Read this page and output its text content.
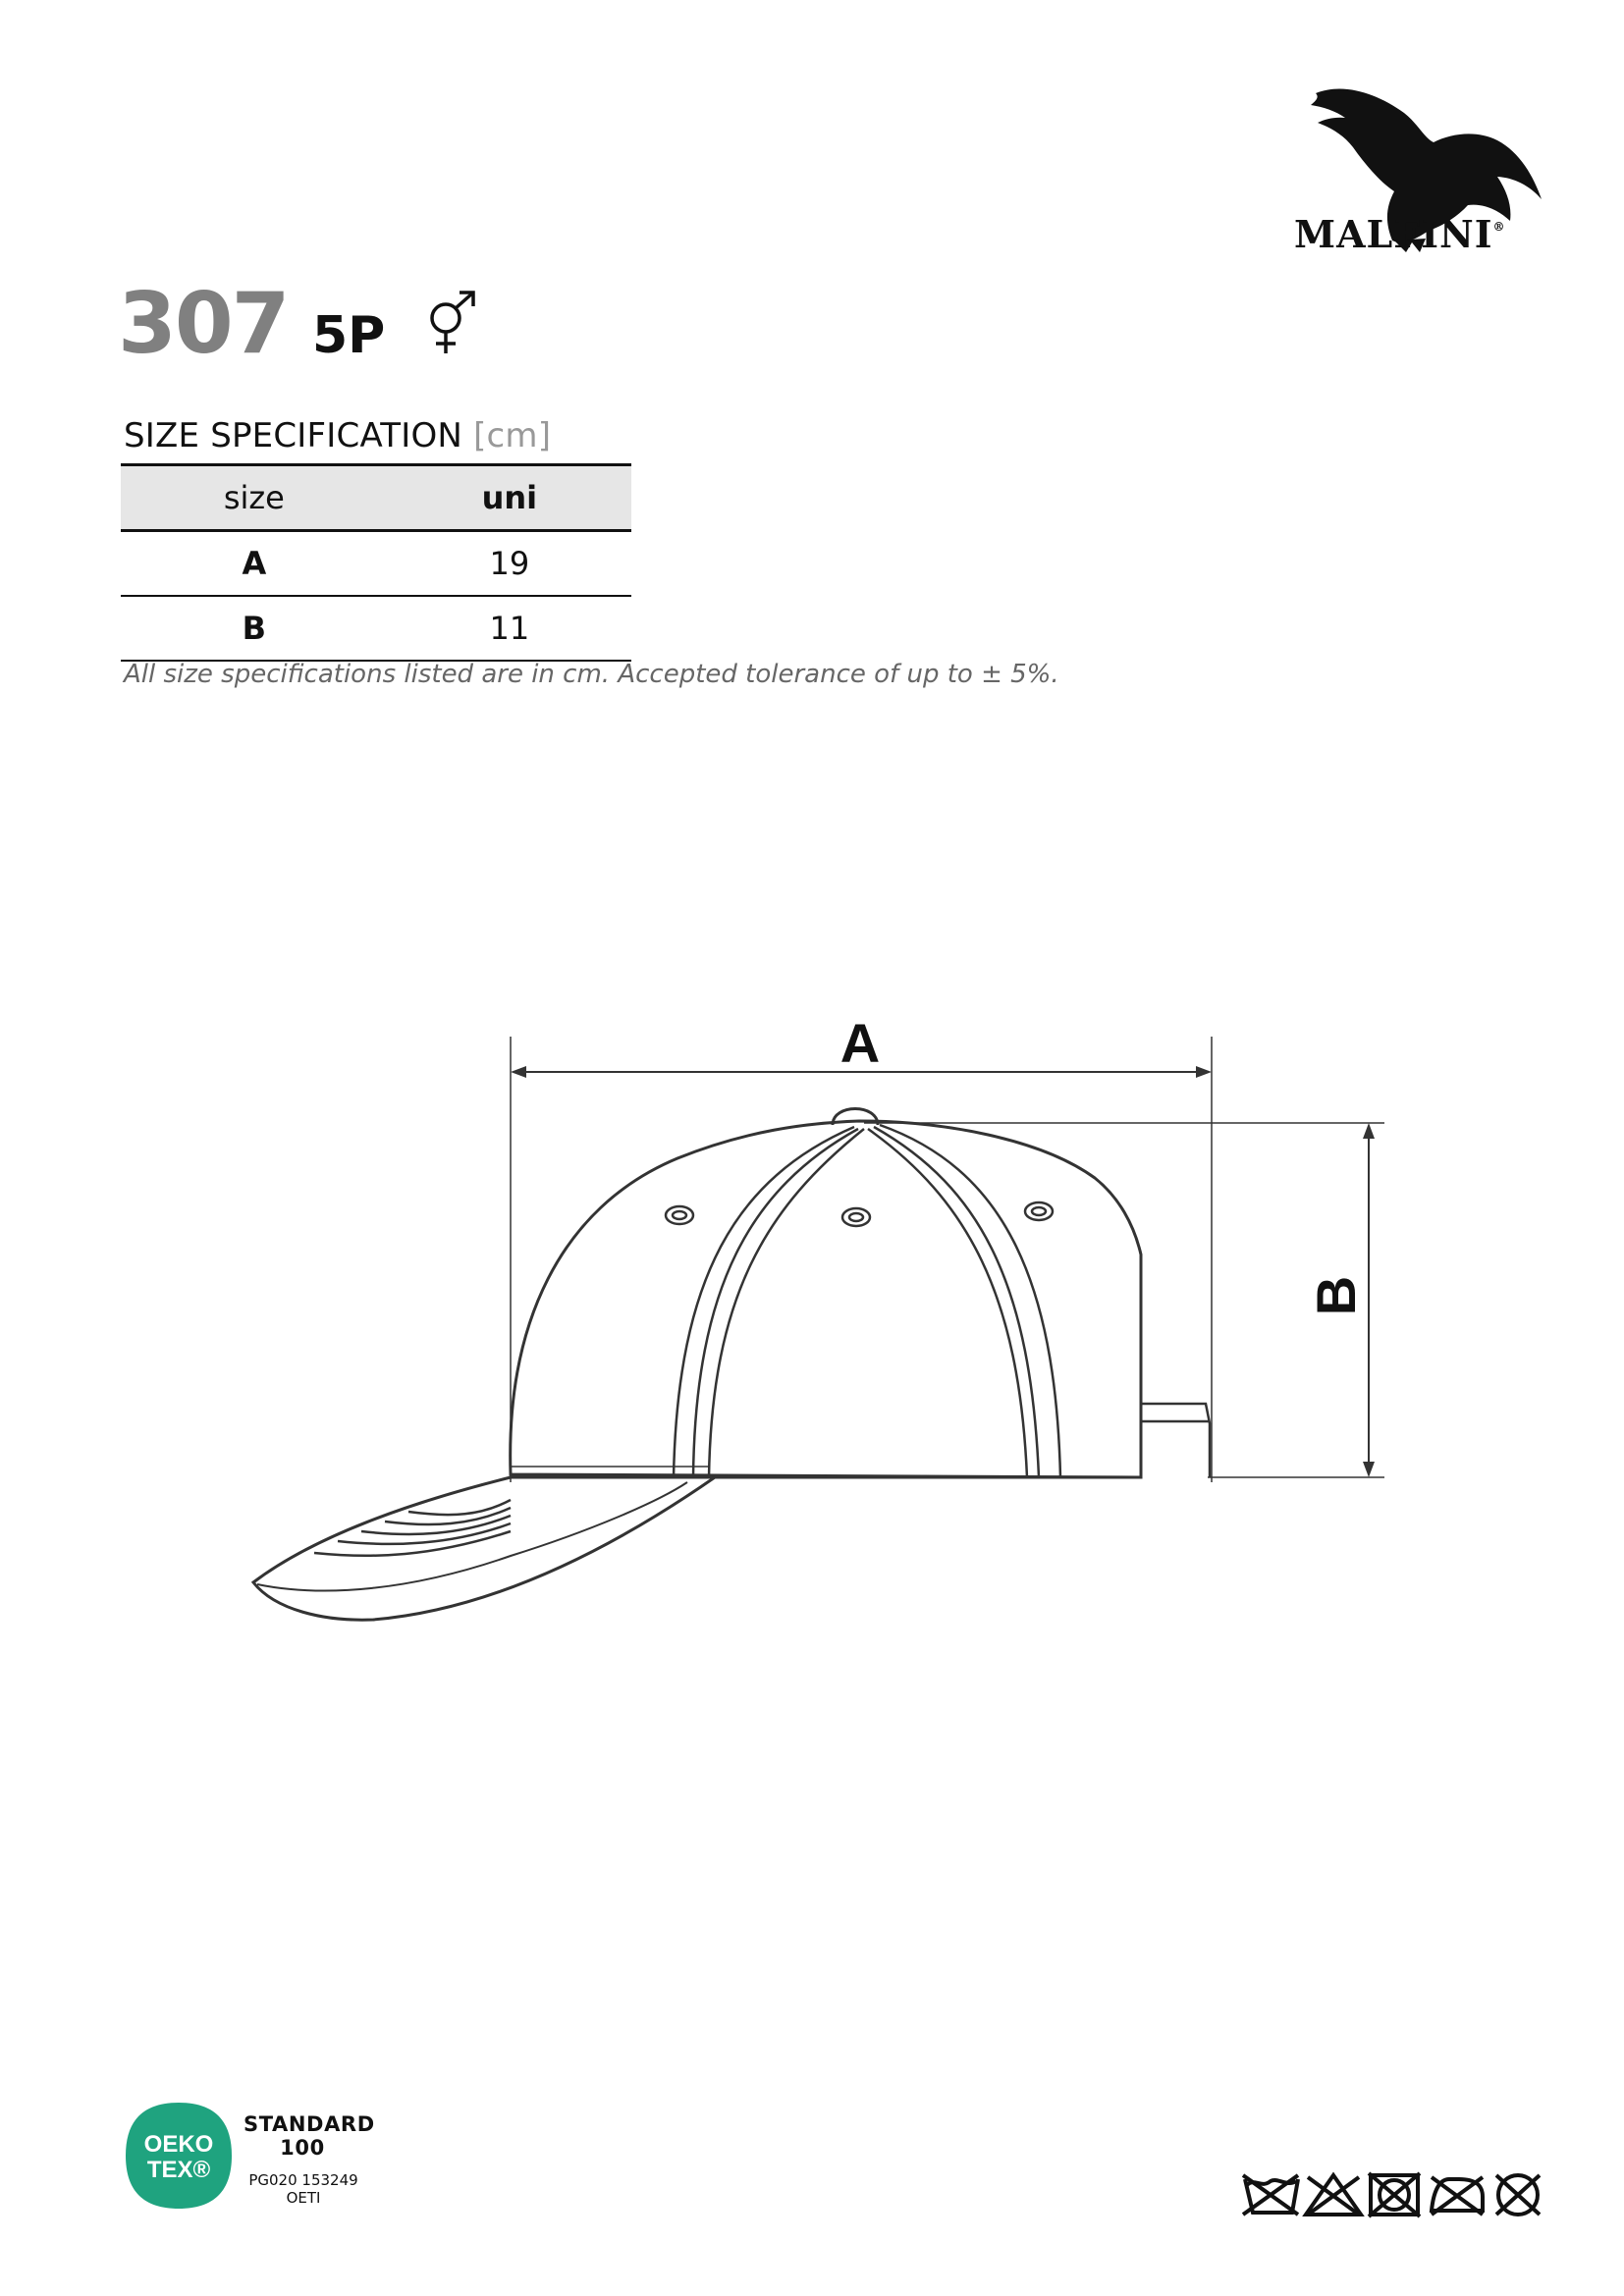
MALFINI®
307 5P
SIZE SPECIFICATION [cm]
size	uni
A	19
B	11
All size specifications listed are in cm. Accepted tolerance of up to ± 5%.
A
B
OEKO
TEX®
STANDARD
100
PG020 153249
OETI
